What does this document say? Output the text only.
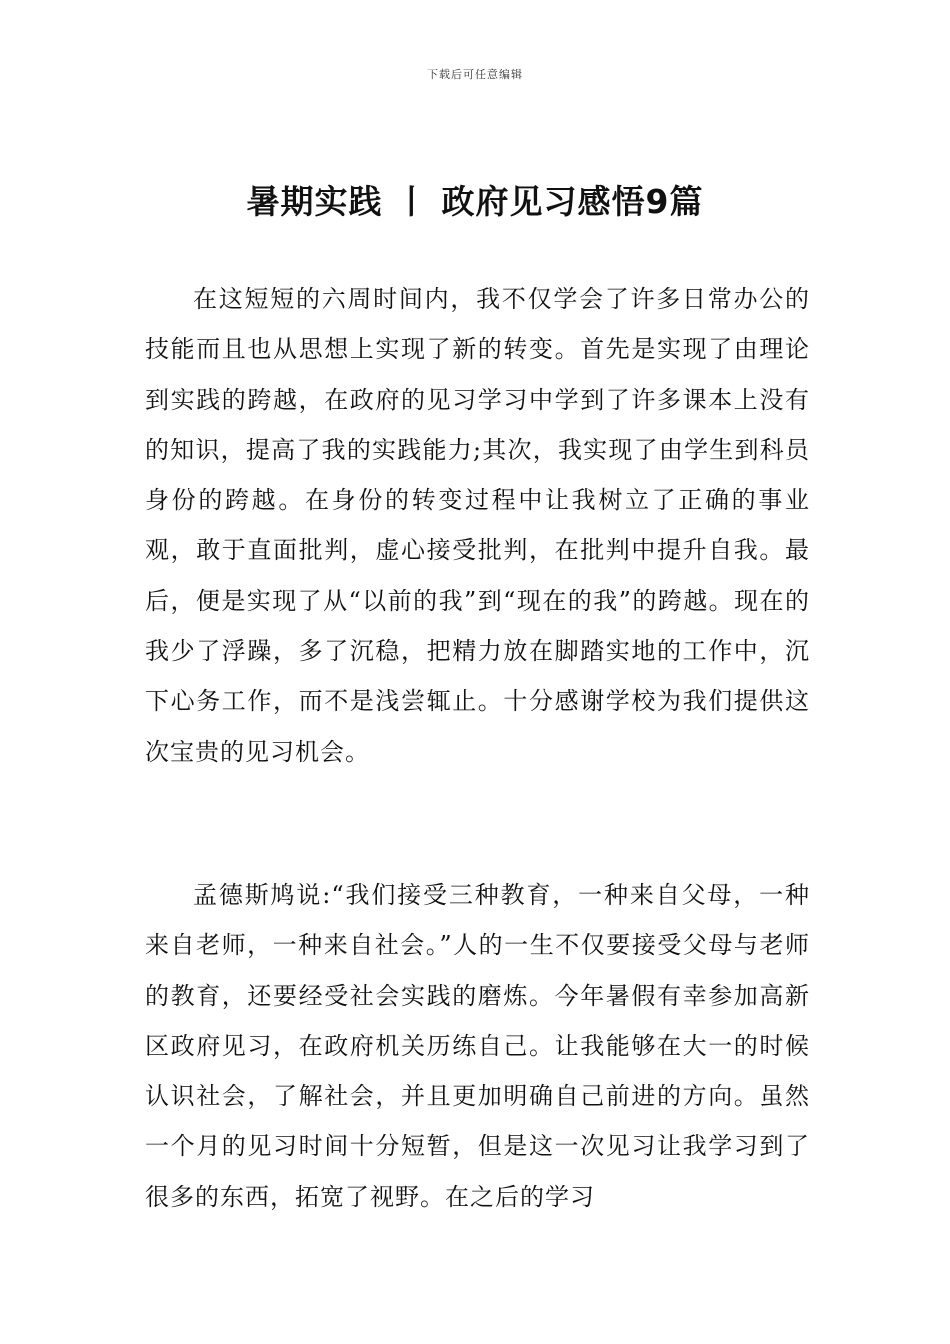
下载后可任意编辑
暑期实践 丨 政府见习感悟9篇

在这短短的六周时间内，我不仅学会了许多日常办公的技能而且也从思想上实现了新的转变。首先是实现了由理论到实践的跨越，在政府的见习学习中学到了许多课本上没有的知识，提高了我的实践能力;其次，我实现了由学生到科员身份的跨越。在身份的转变过程中让我树立了正确的事业观，敢于直面批判，虚心接受批判，在批判中提升自我。最后，便是实现了从“以前的我”到“现在的我”的跨越。现在的我少了浮躁，多了沉稳，把精力放在脚踏实地的工作中，沉下心务工作，而不是浅尝辄止。十分感谢学校为我们提供这次宝贵的见习机会。

孟德斯鸠说:“我们接受三种教育，一种来自父母，一种来自老师，一种来自社会。”人的一生不仅要接受父母与老师的教育，还要经受社会实践的磨炼。今年暑假有幸参加高新区政府见习，在政府机关历练自己。让我能够在大一的时候认识社会，了解社会，并且更加明确自己前进的方向。虽然一个月的见习时间十分短暂，但是这一次见习让我学习到了很多的东西，拓宽了视野。在之后的学习
